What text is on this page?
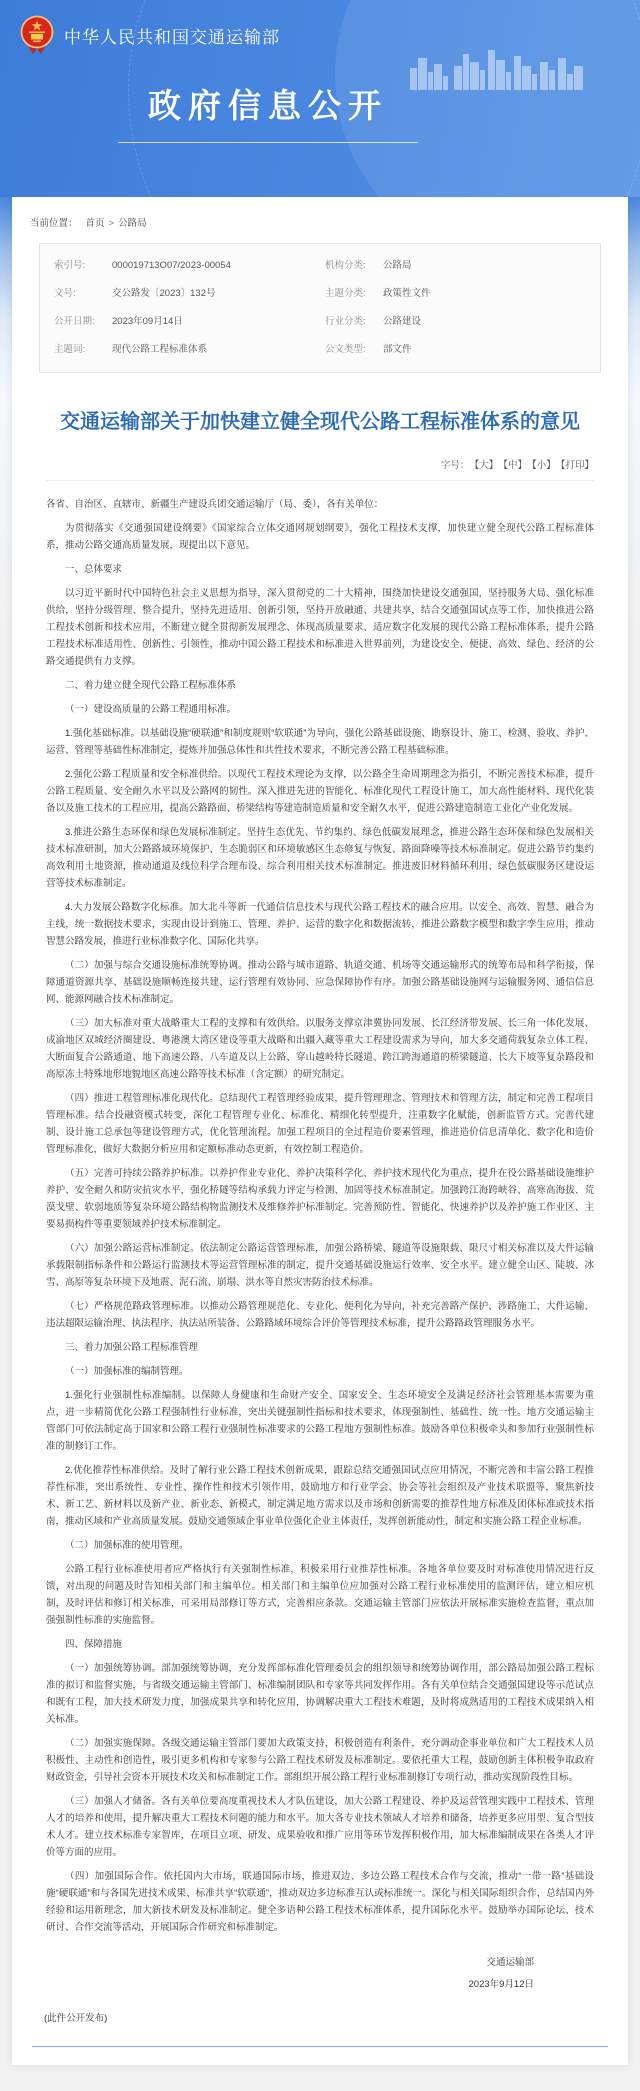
中华人民共和国交通运输部
政府信息公开
当前位置： 首页 > 公路局
索引号:	000019713O07/2023-00054	机构分类:	公路局
文号:	交公路发〔2023〕132号	主题分类:	政策性文件
公开日期:	2023年09月14日	行业分类:	公路建设
主题词:	现代公路工程标准体系	公文类型:	部文件
交通运输部关于加快建立健全现代公路工程标准体系的意见
字号： 【大】 【中】 【小】 【打印】

各省、自治区、直辖市、新疆生产建设兵团交通运输厅（局、委），各有关单位：

为贯彻落实《交通强国建设纲要》《国家综合立体交通网规划纲要》，强化工程技术支撑，加快建立健全现代公路工程标准体系，推动公路交通高质量发展，现提出以下意见。

一、总体要求

以习近平新时代中国特色社会主义思想为指导，深入贯彻党的二十大精神，围绕加快建设交通强国，坚持服务大局、强化标准供给，坚持分级管理、整合提升，坚持先进适用、创新引领，坚持开放融通、共建共享，结合交通强国试点等工作，加快推进公路工程技术创新和技术应用，不断建立健全贯彻新发展理念、体现高质量要求、适应数字化发展的现代公路工程标准体系，提升公路工程技术标准适用性、创新性、引领性，推动中国公路工程技术和标准进入世界前列，为建设安全、便捷、高效、绿色、经济的公路交通提供有力支撑。

二、着力建立健全现代公路工程标准体系

（一）建设高质量的公路工程通用标准。

1.强化基础标准。以基础设施“硬联通”和制度规则“软联通”为导向，强化公路基础设施、勘察设计、施工、检测、验收、养护、运营、管理等基础性标准制定，提炼并加强总体性和共性技术要求，不断完善公路工程基础标准。

2.强化公路工程质量和安全标准供给。以现代工程技术理论为支撑，以公路全生命周期理念为指引，不断完善技术标准，提升公路工程质量、安全耐久水平以及公路网的韧性。深入推进先进的智能化、标准化现代工程设计施工，加大高性能材料、现代化装备以及施工技术的工程应用，提高公路路面、桥梁结构等建造制造质量和安全耐久水平，促进公路建造制造工业化产业化发展。

3.推进公路生态环保和绿色发展标准制定。坚持生态优先、节约集约、绿色低碳发展理念，推进公路生态环保和绿色发展相关技术标准研制，加大公路路域环境保护、生态脆弱区和环境敏感区生态修复与恢复、路面降噪等技术标准制定。促进公路节约集约高效利用土地资源，推动通道及线位科学合理布设、综合利用相关技术标准制定。推进废旧材料循环利用、绿色低碳服务区建设运营等技术标准制定。

4.大力发展公路数字化标准。加大北斗等新一代通信信息技术与现代公路工程技术的融合应用。以安全、高效、智慧、融合为主线，统一数据技术要求，实现由设计到施工、管理、养护、运营的数字化和数据流转，推进公路数字模型和数字孪生应用，推动智慧公路发展，推进行业标准数字化、国际化共享。

（二）加强与综合交通设施标准统筹协调。推动公路与城市道路、轨道交通、机场等交通运输形式的统筹布局和科学衔接，保障通道资源共享、基础设施顺畅连接共建、运行管理有效协同、应急保障协作有序。加强公路基础设施网与运输服务网、通信信息网、能源网融合技术标准制定。

（三）加大标准对重大战略重大工程的支撑和有效供给。以服务支撑京津冀协同发展、长江经济带发展、长三角一体化发展、成渝地区双城经济圈建设、粤港澳大湾区建设等重大战略和出疆入藏等重大工程建设需求为导向，加大多交通荷载复杂立体工程、大断面复合公路通道、地下高速公路、八车道及以上公路、穿山越岭特长隧道、跨江跨海通道的桥梁隧道、长大下坡等复杂路段和高原冻土特殊地形地貌地区高速公路等技术标准（含定额）的研究制定。

（四）推进工程管理标准化现代化。总结现代工程管理经验成果，提升管理理念、管理技术和管理方法，制定和完善工程项目管理标准。结合投融资模式转变，深化工程管理专业化、标准化、精细化转型提升，注重数字化赋能，创新监管方式。完善代建制、设计施工总承包等建设管理方式，优化管理流程。加强工程项目的全过程造价要素管理，推进造价信息清单化、数字化和造价管理标准化，做好大数据分析应用和定额标准动态更新，有效控制工程造价。

（五）完善可持续公路养护标准。以养护作业专业化、养护决策科学化、养护技术现代化为重点，提升在役公路基础设施维护养护、安全耐久和防灾抗灾水平，强化桥隧等结构承载力评定与检测、加固等技术标准制定。加强跨江海跨峡谷、高寒高海拔、荒漠戈壁、软弱地质等复杂环境公路结构物监测技术及维修养护标准制定。完善预防性、智能化、快速养护以及养护施工作业区、主要易损构件等重要领域养护技术标准制定。

（六）加强公路运营标准制定。依法制定公路运营管理标准，加强公路桥梁、隧道等设施限载、限尺寸相关标准以及大件运输承载限制指标条件和公路运行监测技术等运营管理标准的制定，提升交通基础设施运行效率、安全水平。建立健全山区、陡坡、冰雪、高原等复杂环境下及地震、泥石流、崩塌、洪水等自然灾害防治技术标准。

（七）严格规范路政管理标准。以推动公路管理规范化、专业化、便利化为导向，补充完善路产保护、涉路施工、大件运输、违法超限运输治理、执法程序、执法站所装备、公路路域环境综合评价等管理技术标准，提升公路路政管理服务水平。

三、着力加强公路工程标准管理

（一）加强标准的编制管理。

1.强化行业强制性标准编制。以保障人身健康和生命财产安全、国家安全、生态环境安全及满足经济社会管理基本需要为重点，进一步精简优化公路工程强制性行业标准，突出关键强制性指标和技术要求，体现强制性、基础性、统一性。地方交通运输主管部门可依法制定高于国家和公路工程行业强制性标准要求的公路工程地方强制性标准。鼓励各单位积极牵头和参加行业强制性标准的制修订工作。

2.优化推荐性标准供给。及时了解行业公路工程技术创新成果，跟踪总结交通强国试点应用情况，不断完善和丰富公路工程推荐性标准，突出系统性、专业性、操作性和技术引领作用，鼓励地方和行业学会、协会等社会组织及产业技术联盟等，聚焦新技术、新工艺、新材料以及新产业、新业态、新模式，制定满足地方需求以及市场和创新需要的推荐性地方标准及团体标准或技术指南，推动区域和产业高质量发展。鼓励交通领域企事业单位强化企业主体责任，发挥创新能动性，制定和实施公路工程企业标准。

（二）加强标准的使用管理。

公路工程行业标准使用者应严格执行有关强制性标准，积极采用行业推荐性标准。各地各单位要及时对标准使用情况进行反馈，对出现的问题及时告知相关部门和主编单位。相关部门和主编单位应加强对公路工程行业标准使用的监测评估，建立相应机制，及时评估和修订相关标准，可采用局部修订等方式，完善相应条款。交通运输主管部门应依法开展标准实施检查监督，重点加强强制性标准的实施监督。

四、保障措施

（一）加强统筹协调。部加强统筹协调，充分发挥部标准化管理委员会的组织领导和统筹协调作用，部公路局加强公路工程标准的拟订和监督实施，与省级交通运输主管部门、标准编制团队和专家等共同发挥作用。各有关单位结合交通强国建设等示范试点和既有工程，加大技术研发力度，加强成果共享和转化应用，协调解决重大工程技术难题，及时将成熟适用的工程技术成果纳入相关标准。

（二）加强实施保障。各级交通运输主管部门要加大政策支持，积极创造有利条件，充分调动企事业单位和广大工程技术人员积极性、主动性和创造性，吸引更多机构和专家参与公路工程技术研发及标准制定。要依托重大工程，鼓励创新主体积极争取政府财政资金，引导社会资本开展技术攻关和标准制定工作。部组织开展公路工程行业标准制修订专项行动，推动实现阶段性目标。

（三）加强人才储备。各有关单位要高度重视技术人才队伍建设，加大公路工程建设、养护及运营管理实践中工程技术、管理人才的培养和使用，提升解决重大工程技术问题的能力和水平。加大各专业技术领域人才培养和储备，培养更多应用型、复合型技术人才。建立技术标准专家智库，在项目立项、研发、成果验收和推广应用等环节发挥积极作用，加大标准编制成果在各类人才评价等方面的应用。

（四）加强国际合作。依托国内大市场，联通国际市场，推进双边、多边公路工程技术合作与交流，推动“一带一路”基础设施“硬联通”和与各国先进技术成果、标准共享“软联通”，推动双边多边标准互认或标准统一。深化与相关国际组织合作，总结国内外经验和运用新理念，加大新技术研发及标准制定。健全多语种公路工程技术标准体系，提升国际化水平。鼓励举办国际论坛、技术研讨、合作交流等活动，开展国际合作研究和标准制定。

交通运输部
2023年9月12日
(此件公开发布)
